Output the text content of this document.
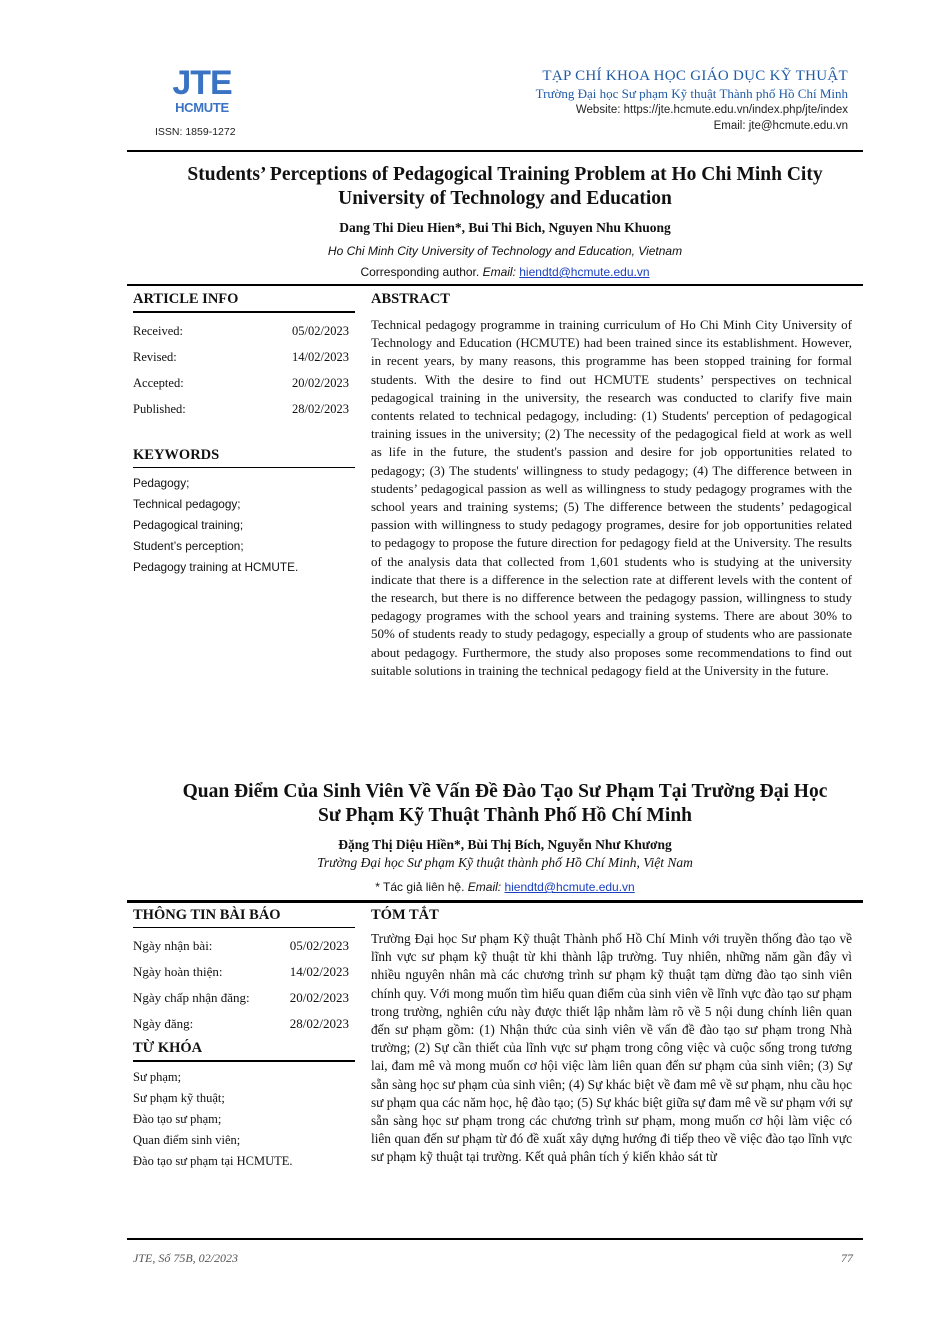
JTE
HCMUTE
ISSN: 1859-1272
TẠP CHÍ KHOA HỌC GIÁO DỤC KỸ THUẬT
Trường Đại học Sư phạm Kỹ thuật Thành phố Hồ Chí Minh
Website: https://jte.hcmute.edu.vn/index.php/jte/index
Email: jte@hcmute.edu.vn
Students’ Perceptions of Pedagogical Training Problem at Ho Chi Minh City
University of Technology and Education
Dang Thi Dieu Hien*, Bui Thi Bich, Nguyen Nhu Khuong
Ho Chi Minh City University of Technology and Education, Vietnam
Corresponding author. Email: hiendtd@hcmute.edu.vn
ARTICLE INFO
Received:	05/02/2023
Revised:	14/02/2023
Accepted:	20/02/2023
Published:	28/02/2023
KEYWORDS
Pedagogy;
Technical pedagogy;
Pedagogical training;
Student’s perception;
Pedagogy training at HCMUTE.
ABSTRACT
Technical pedagogy programme in training curriculum of Ho Chi Minh City University of Technology and Education (HCMUTE) had been trained since its establishment. However, in recent years, by many reasons, this programme has been stopped training for formal students. With the desire to find out HCMUTE students’ perspectives on technical pedagogical training in the university, the research was conducted to clarify five main contents related to technical pedagogy, including: (1) Students' perception of pedagogical training issues in the university; (2) The necessity of the pedagogical field at work as well as life in the future, the student's passion and desire for job opportunities related to pedagogy; (3) The students' willingness to study pedagogy; (4) The difference between in students’ pedagogical passion as well as willingness to study pedagogy programes with the school years and training systems; (5) The difference between the students’ pedagogical passion with willingness to study pedagogy programes, desire for job opportunities related to pedagogy to propose the future direction for pedagogy field at the University. The results of the analysis data that collected from 1,601 students who is studying at the university indicate that there is a difference in the selection rate at different levels with the content of the research, but there is no difference between the pedagogy passion, willingness to study pedagogy programes with the school years and training systems. There are about 30% to 50% of students ready to study pedagogy, especially a group of students who are passionate about pedagogy. Furthermore, the study also proposes some recommendations to find out suitable solutions in training the technical pedagogy field at the University in the future.
Quan Điểm Của Sinh Viên Về Vấn Đề Đào Tạo Sư Phạm Tại Trường Đại Học
Sư Phạm Kỹ Thuật Thành Phố Hồ Chí Minh
Đặng Thị Diệu Hiền*, Bùi Thị Bích, Nguyễn Như Khương
Trường Đại học Sư phạm Kỹ thuật thành phố Hồ Chí Minh, Việt Nam
* Tác giả liên hệ. Email: hiendtd@hcmute.edu.vn
THÔNG TIN BÀI BÁO
Ngày nhận bài:	05/02/2023
Ngày hoàn thiện:	14/02/2023
Ngày chấp nhận đăng:	20/02/2023
Ngày đăng:	28/02/2023
TỪ KHÓA
Sư phạm;
Sư phạm kỹ thuật;
Đào tạo sư phạm;
Quan điểm sinh viên;
Đào tạo sư phạm tại HCMUTE.
TÓM TẮT
Trường Đại học Sư phạm Kỹ thuật Thành phố Hồ Chí Minh với truyền thống đào tạo về lĩnh vực sư phạm kỹ thuật từ khi thành lập trường. Tuy nhiên, những năm gần đây vì nhiều nguyên nhân mà các chương trình sư phạm kỹ thuật tạm dừng đào tạo sinh viên chính quy. Với mong muốn tìm hiểu quan điểm của sinh viên về lĩnh vực đào tạo sư phạm trong trường, nghiên cứu này được thiết lập nhằm làm rõ về 5 nội dung chính liên quan đến sư phạm gồm: (1) Nhận thức của sinh viên về vấn đề đào tạo sư phạm trong Nhà trường; (2) Sự cần thiết của lĩnh vực sư phạm trong công việc và cuộc sống trong tương lai, đam mê và mong muốn cơ hội việc làm liên quan đến sư phạm của sinh viên; (3) Sự sẵn sàng học sư phạm của sinh viên; (4) Sự khác biệt về đam mê về sư phạm, nhu cầu học sư phạm qua các năm học, hệ đào tạo; (5) Sự khác biệt giữa sự đam mê về sư phạm với sự sẵn sàng học sư phạm trong các chương trình sư phạm, mong muốn cơ hội làm việc có liên quan đến sư phạm từ đó đề xuất xây dựng hướng đi tiếp theo về việc đào tạo lĩnh vực sư phạm kỹ thuật tại trường. Kết quả phân tích ý kiến khảo sát từ
JTE, Số 75B, 02/2023	77
